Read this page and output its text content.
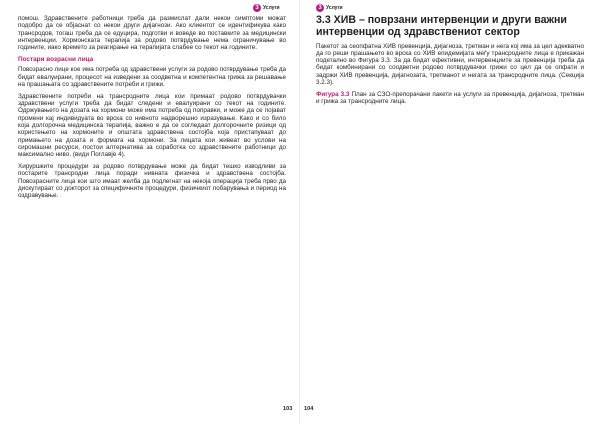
3 Услуги

помош. Здравствените работници треба да размислат дали некои симптоми можат подобро да се објаснат со некои други дијагнози. Ако клиентот се идентификува како трансродов, тогаш треба да се едуцира, подготви и воведе во поставките за медицински интервенции. Хормонската терапија за родово потврдување нема ограничување во годините, иако времето за реагирање на терапијата слабее со текот на годините.

Постари возрасни лица

Повозрасно лице кое има потреба од здравствени услуги за родово потврдување треба да бидат евалуирани, процесот на изведени за сoодветна и компетентна грижа за решавање на прашањата со здравствените потреби и грижи.

Здравствените потреби на трансродните лица кои примаат родово потврдувачки здравствени услуги треба да бидат следени и евалуирани со текот на годините. Одржувањето на дозата на хормони може има потреба од поправки, и може да се појават промени кај индивидуата во врска со нивното надворешно изразување. Како и со било која долгорочна медицинска терапија, важно е да се согледаат долгорочните ризици од користењето на хормоните и општата здравствена состојба која пристапуваат до примањето на дозата и формата на хормони. За лицата кои живеат во услови на сиромашни ресурси, постои алтернатива за соработка со здравствените работници до максимално ниво. (види Поглавје 4).

Хируршките процедури за родово потврдување може да бидат тешко изводливи за постарите трансродни лица поради нивната физичка и здравствена состојба. Повозрасните лица кои што имаат желба да подлегнат на некоја операција треба прво да дискутираат со докторот за специфичните процедури, физичкиот побарувања и период на оздравување.

103
3 Услуги
3.3 ХИВ – поврзани интервенции и други важни интервенции од здравствениот сектор

Пакетот за сеопфатна ХИВ превенција, дијагноза, третман и нега кој има за цел адекватно да го реши прашањето во врска со ХИВ епидемијата меѓу трансродните лица е прикажан подетално во Фигура 3.3. За да бидат ефективни, интервенциите за превенција треба да бидат комбинирани со соодветни родово потврдувачки грижи со цел да се опфати и задржи ХИВ превенција, дијагнозата, третманот и негата за трансродните лица. (Секција 3.2.3).

Фигура 3.3 План за СЗО-препорачани пакети на услуги за превенција, дијагноза, третман и грижа за трансродните лица.

104
